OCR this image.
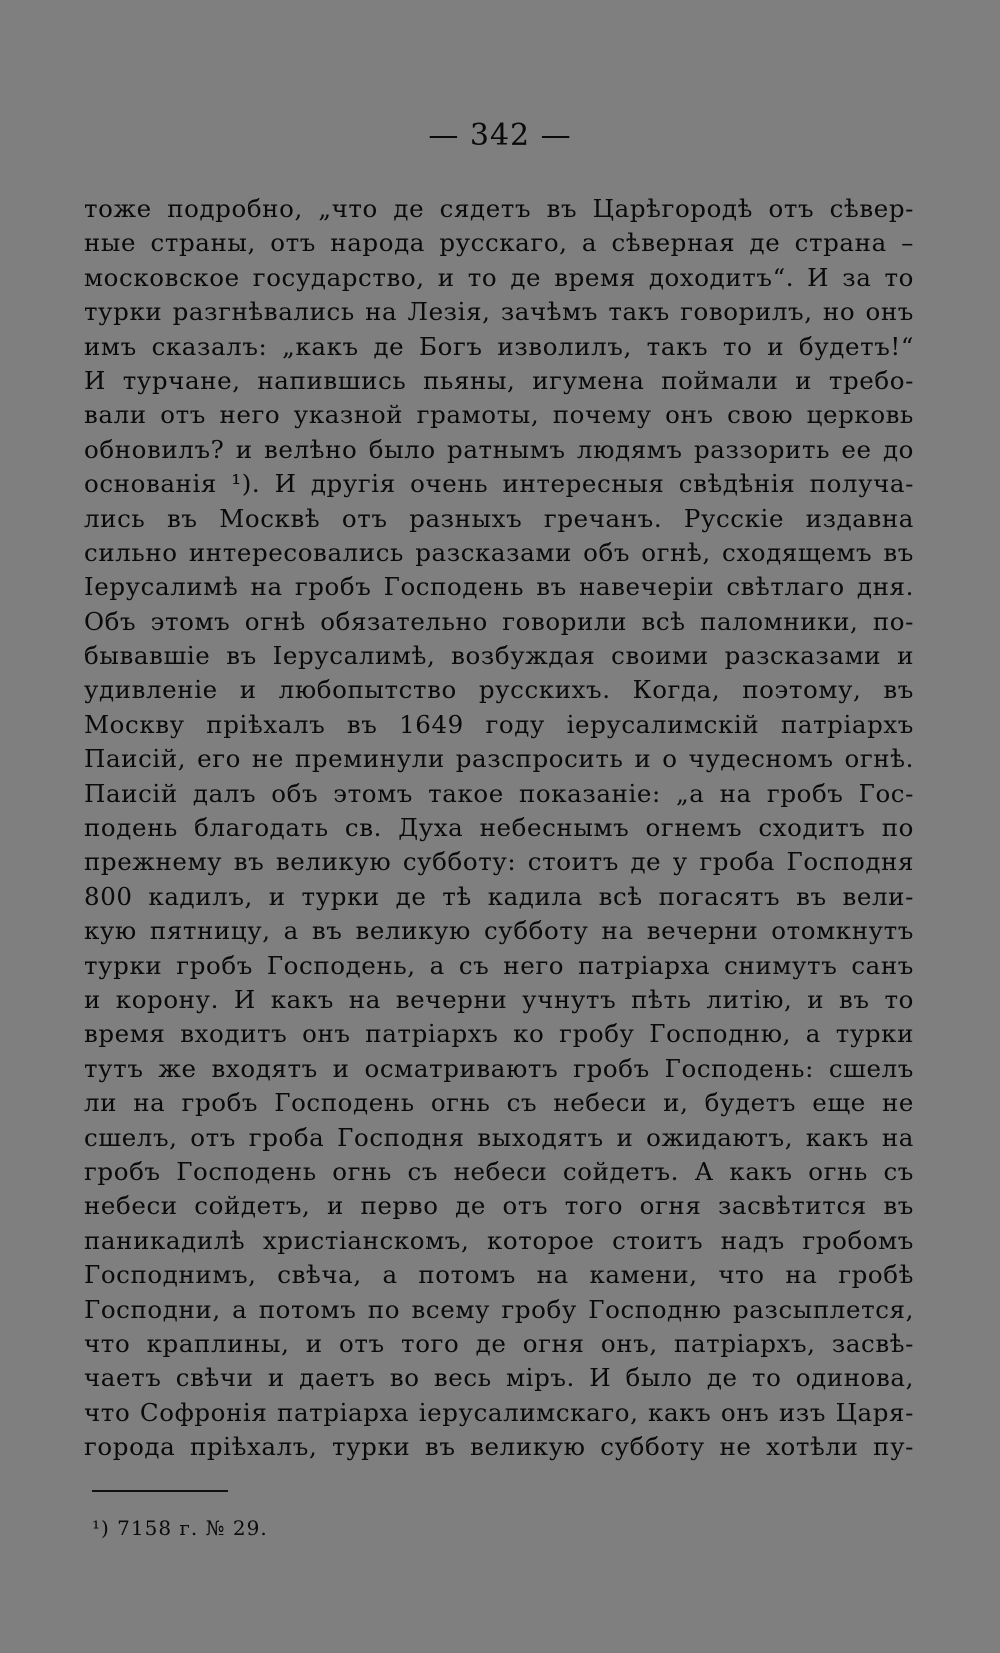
— 342 —
тоже подробно, „что де сядетъ въ Царѣгородѣ отъ сѣвер-
ные страны, отъ народа русскаго, а сѣверная де страна –
московское государство, и то де время доходитъ“. И за то
турки разгнѣвались на Лезія, зачѣмъ такъ говорилъ, но онъ
имъ сказалъ: „какъ де Богъ изволилъ, такъ то и будетъ!“
И турчане, напившись пьяны, игумена поймали и требо-
вали отъ него указной грамоты, почему онъ свою церковь
обновилъ? и велѣно было ратнымъ людямъ раззорить ее до
основанія ¹). И другія очень интересныя свѣдѣнія получа-
лись въ Москвѣ отъ разныхъ гречанъ. Русскіе издавна
сильно интересовались разсказами объ огнѣ, сходящемъ въ
Іерусалимѣ на гробъ Господень въ навечеріи свѣтлаго дня.
Объ этомъ огнѣ обязательно говорили всѣ паломники, по-
бывавшіе въ Іерусалимѣ, возбуждая своими разсказами и
удивленіе и любопытство русскихъ. Когда, поэтому, въ
Москву пріѣхалъ въ 1649 году іерусалимскій патріархъ
Паисій, его не преминули разспросить и о чудесномъ огнѣ.
Паисій далъ объ этомъ такое показаніе: „а на гробъ Гос-
подень благодать св. Духа небеснымъ огнемъ сходитъ по
прежнему въ великую субботу: стоитъ де у гроба Господня
800 кадилъ, и турки де тѣ кадила всѣ погасятъ въ вели-
кую пятницу, а въ великую субботу на вечерни отомкнутъ
турки гробъ Господень, а съ него патріарха снимутъ санъ
и корону. И какъ на вечерни учнутъ пѣть литію, и въ то
время входитъ онъ патріархъ ко гробу Господню, а турки
тутъ же входятъ и осматриваютъ гробъ Господень: сшелъ
ли на гробъ Господень огнь съ небеси и, будетъ еще не
сшелъ, отъ гроба Господня выходятъ и ожидаютъ, какъ на
гробъ Господень огнь съ небеси сойдетъ. А какъ огнь съ
небеси сойдетъ, и перво де отъ того огня засвѣтится въ
паникадилѣ христіанскомъ, которое стоитъ надъ гробомъ
Господнимъ, свѣча, а потомъ на камени, что на гробѣ
Господни, а потомъ по всему гробу Господню разсыплется,
что краплины, и отъ того де огня онъ, патріархъ, засвѣ-
чаетъ свѣчи и даетъ во весь міръ. И было де то одинова,
что Софронія патріарха іерусалимскаго, какъ онъ изъ Царя-
города пріѣхалъ, турки въ великую субботу не хотѣли пу-
¹) 7158 г. № 29.
